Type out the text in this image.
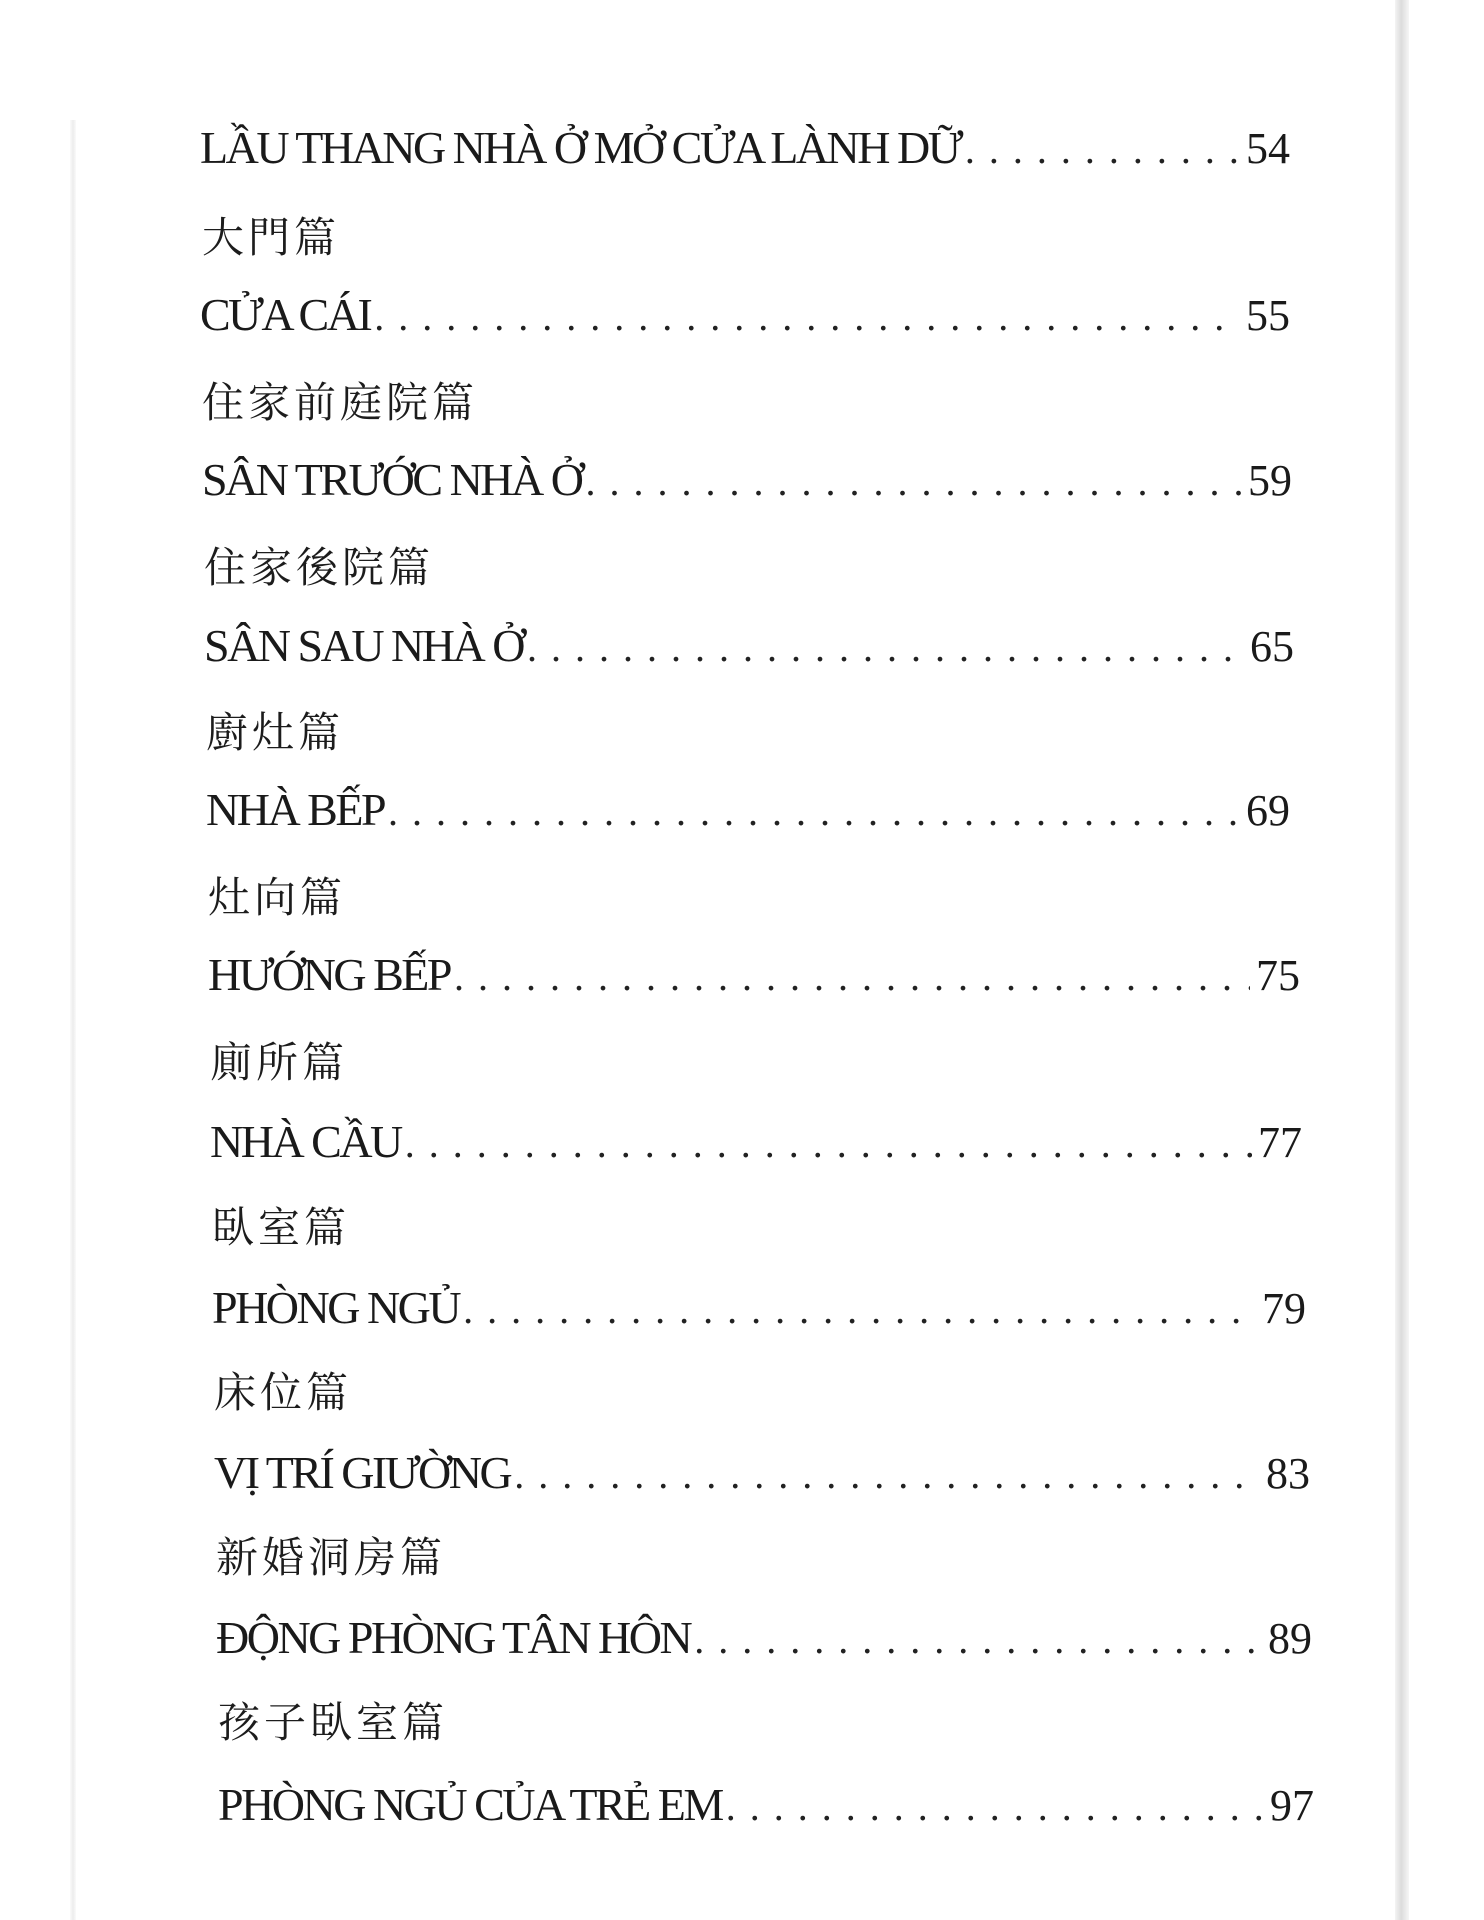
LẦU THANG NHÀ Ở MỞ CỬA LÀNH DỮ . . .	54
大門篇
CỬA CÁI . . .	55
住家前庭院篇
SÂN TRƯỚC NHÀ Ở . . .	59
住家後院篇
SÂN SAU NHÀ Ở . . .	65
廚灶篇
NHÀ BẾP . . .	69
灶向篇
HƯỚNG BẾP . . .	75
廁所篇
NHÀ CẦU . . .	77
臥室篇
PHÒNG NGỦ . . .	79
床位篇
VỊ TRÍ GIƯỜNG . . .	83
新婚洞房篇
ĐỘNG PHÒNG TÂN HÔN . . .	89
孩子臥室篇
PHÒNG NGỦ CỦA TRẺ EM . . .	97
